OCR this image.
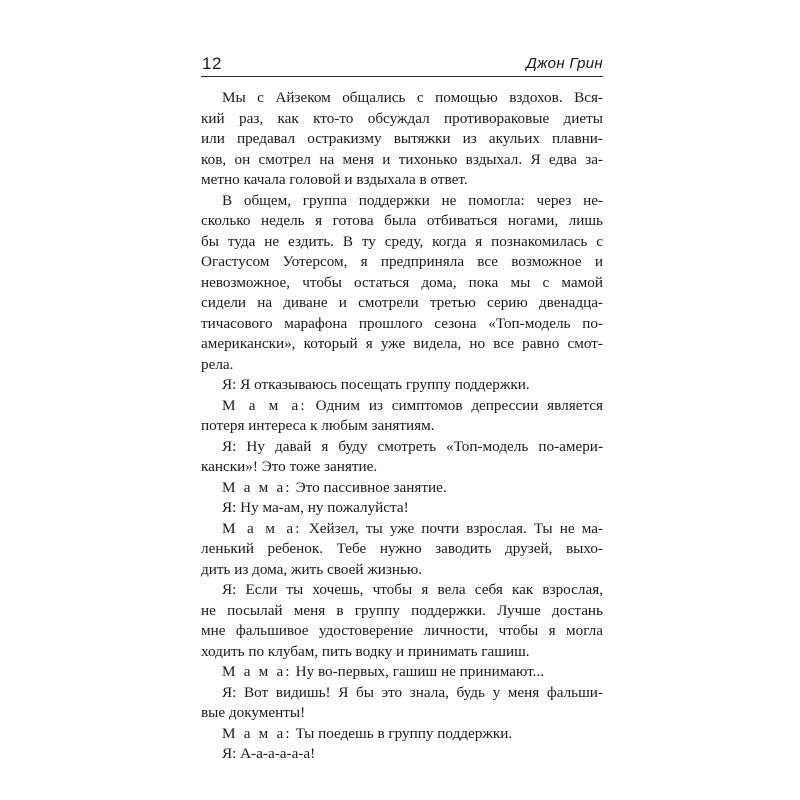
12	Джон Грин
Мы с Айзеком общались с помощью вздохов. Вся-
кий раз, как кто-то обсуждал противораковые диеты
или предавал остракизму вытяжки из акульих плавни-
ков, он смотрел на меня и тихонько вздыхал. Я едва за-
метно качала головой и вздыхала в ответ.
В общем, группа поддержки не помогла: через не-
сколько недель я готова была отбиваться ногами, лишь
бы туда не ездить. В ту среду, когда я познакомилась с
Огастусом Уотерсом, я предприняла все возможное и
невозможное, чтобы остаться дома, пока мы с мамой
сидели на диване и смотрели третью серию двенадца-
тичасового марафона прошлого сезона «Топ-модель по-
американски», который я уже видела, но все равно смот-
рела.
Я: Я отказываюсь посещать группу поддержки.
М а м а: Одним из симптомов депрессии является
потеря интереса к любым занятиям.
Я: Ну давай я буду смотреть «Топ-модель по-амери-
кански»! Это тоже занятие.
М а м а: Это пассивное занятие.
Я: Ну ма-ам, ну пожалуйста!
М а м а: Хейзел, ты уже почти взрослая. Ты не ма-
ленький ребенок. Тебе нужно заводить друзей, выхо-
дить из дома, жить своей жизнью.
Я: Если ты хочешь, чтобы я вела себя как взрослая,
не посылай меня в группу поддержки. Лучше достань
мне фальшивое удостоверение личности, чтобы я могла
ходить по клубам, пить водку и принимать гашиш.
М а м а: Ну во-первых, гашиш не принимают...
Я: Вот видишь! Я бы это знала, будь у меня фальши-
вые документы!
М а м а: Ты поедешь в группу поддержки.
Я: А-а-а-а-а-а!
